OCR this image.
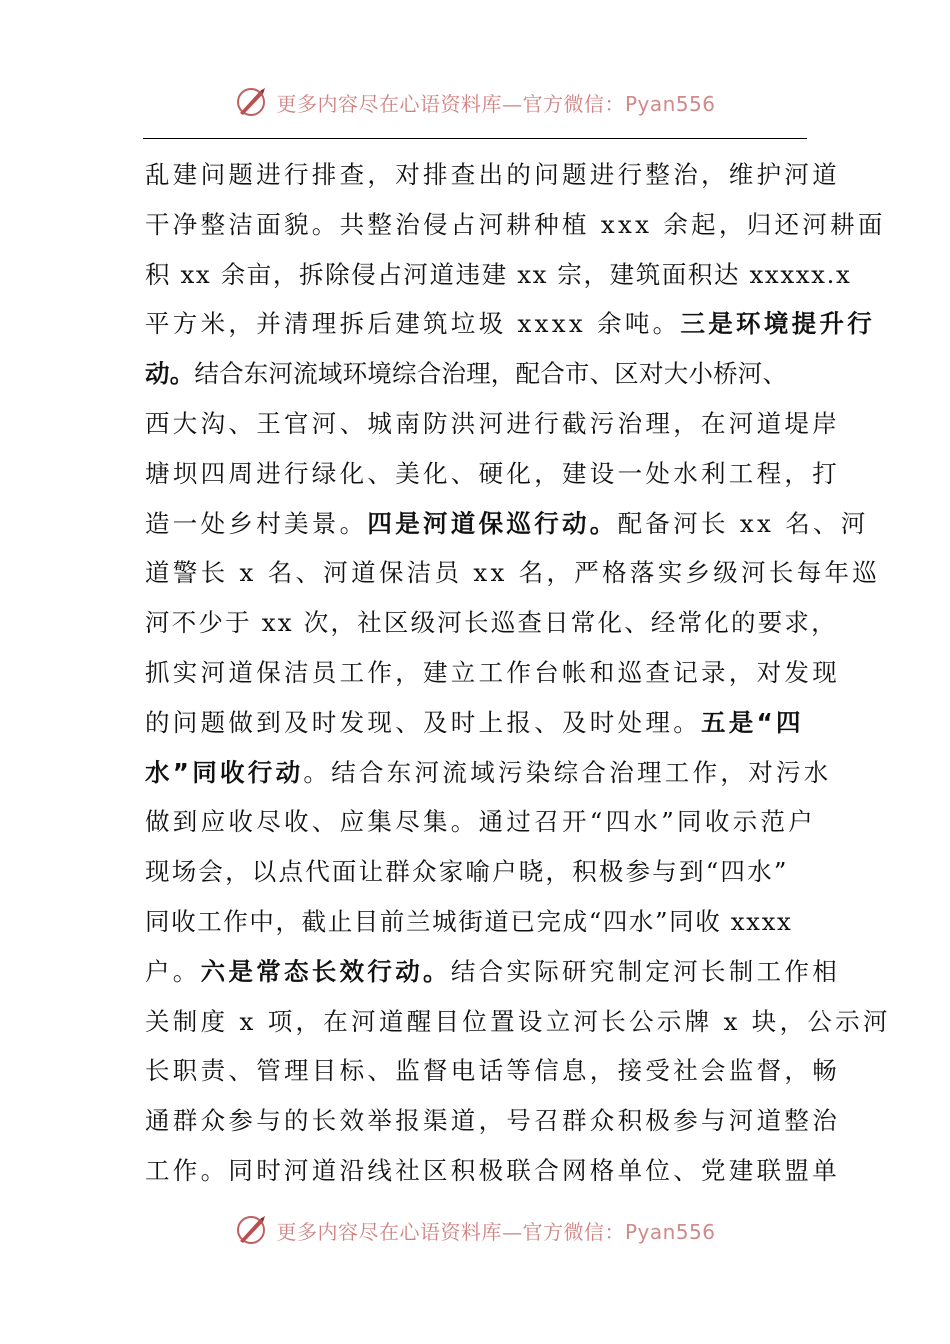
更多内容尽在心语资料库—官方微信：Pyan556
乱建问题进行排查，对排查出的问题进行整治，维护河道
干净整洁面貌。共整治侵占河耕种植 xxx 余起，归还河耕面
积 xx 余亩，拆除侵占河道违建 xx 宗，建筑面积达 xxxxx.x
平方米，并清理拆后建筑垃圾 xxxx 余吨。三是环境提升行
动。结合东河流域环境综合治理，配合市、区对大小桥河、
西大沟、王官河、城南防洪河进行截污治理，在河道堤岸
塘坝四周进行绿化、美化、硬化，建设一处水利工程，打
造一处乡村美景。四是河道保巡行动。配备河长 xx 名、河
道警长 x 名、河道保洁员 xx 名，严格落实乡级河长每年巡
河不少于 xx 次，社区级河长巡查日常化、经常化的要求，
抓实河道保洁员工作，建立工作台帐和巡查记录，对发现
的问题做到及时发现、及时上报、及时处理。五是“四
水”同收行动。结合东河流域污染综合治理工作，对污水
做到应收尽收、应集尽集。通过召开“四水”同收示范户
现场会，以点代面让群众家喻户晓，积极参与到“四水”
同收工作中，截止目前兰城街道已完成“四水”同收 xxxx
户。六是常态长效行动。结合实际研究制定河长制工作相
关制度 x 项，在河道醒目位置设立河长公示牌 x 块，公示河
长职责、管理目标、监督电话等信息，接受社会监督，畅
通群众参与的长效举报渠道，号召群众积极参与河道整治
工作。同时河道沿线社区积极联合网格单位、党建联盟单
更多内容尽在心语资料库—官方微信：Pyan556
